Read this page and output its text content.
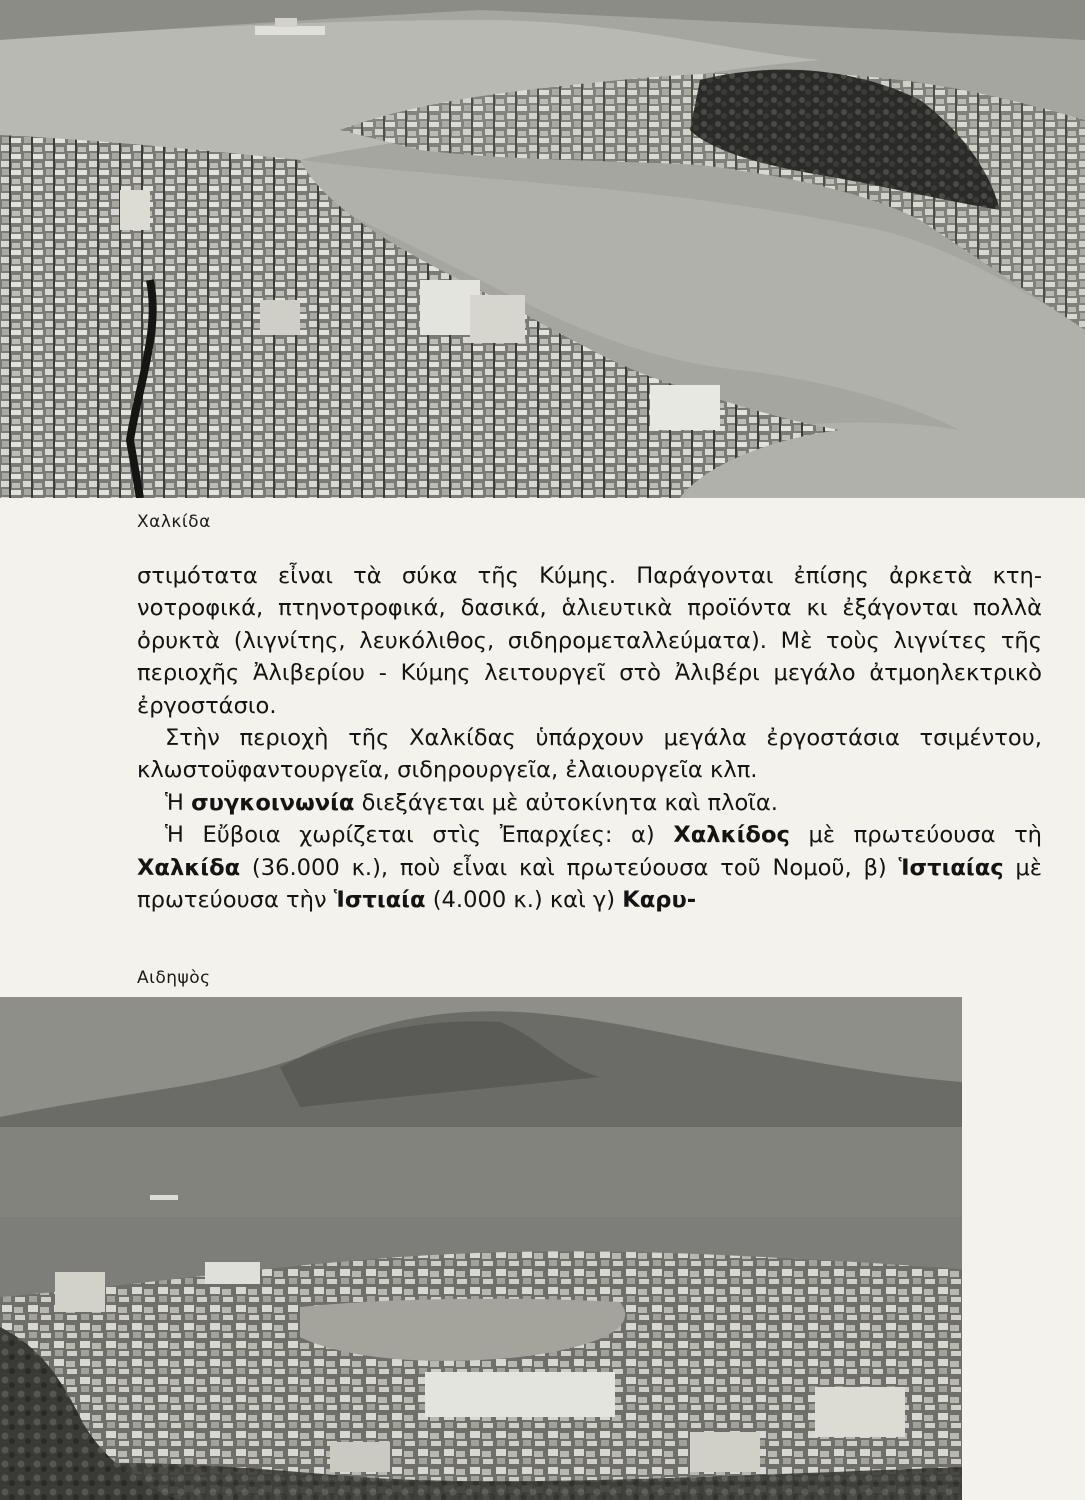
Χαλκίδα

στιμότατα εἶναι τὰ σύκα τῆς Κύμης. Παράγονται ἐπίσης ἀρκετὰ κτηνοτροφικά, πτηνοτροφικά, δασικά, ἁλιευτικὰ προϊόντα κι ἐξάγονται πολλὰ ὀρυκτὰ (λιγνίτης, λευκόλιθος, σιδηρομεταλλεύματα). Μὲ τοὺς λιγνίτες τῆς περιοχῆς Ἀλιβερίου - Κύμης λειτουργεῖ στὸ Ἀλιβέρι μεγάλο ἀτμοηλεκτρικὸ ἐργοστάσιο.

Στὴν περιοχὴ τῆς Χαλκίδας ὑπάρχουν μεγάλα ἐργοστάσια τσιμέντου, κλωστοϋφαντουργεῖα, σιδηρουργεῖα, ἐλαιουργεῖα κλπ.

Ἡ συγκοινωνία διεξάγεται μὲ αὐτοκίνητα καὶ πλοῖα.

Ἡ Εὔβοια χωρίζεται στὶς Ἐπαρχίες: α) Χαλκίδος μὲ πρωτεύουσα τὴ Χαλκίδα (36.000 κ.), ποὺ εἶναι καὶ πρωτεύουσα τοῦ Νομοῦ, β) Ἱστιαίας μὲ πρωτεύουσα τὴν Ἱστιαία (4.000 κ.) καὶ γ) Καρυ-

Αιδηψὸς
